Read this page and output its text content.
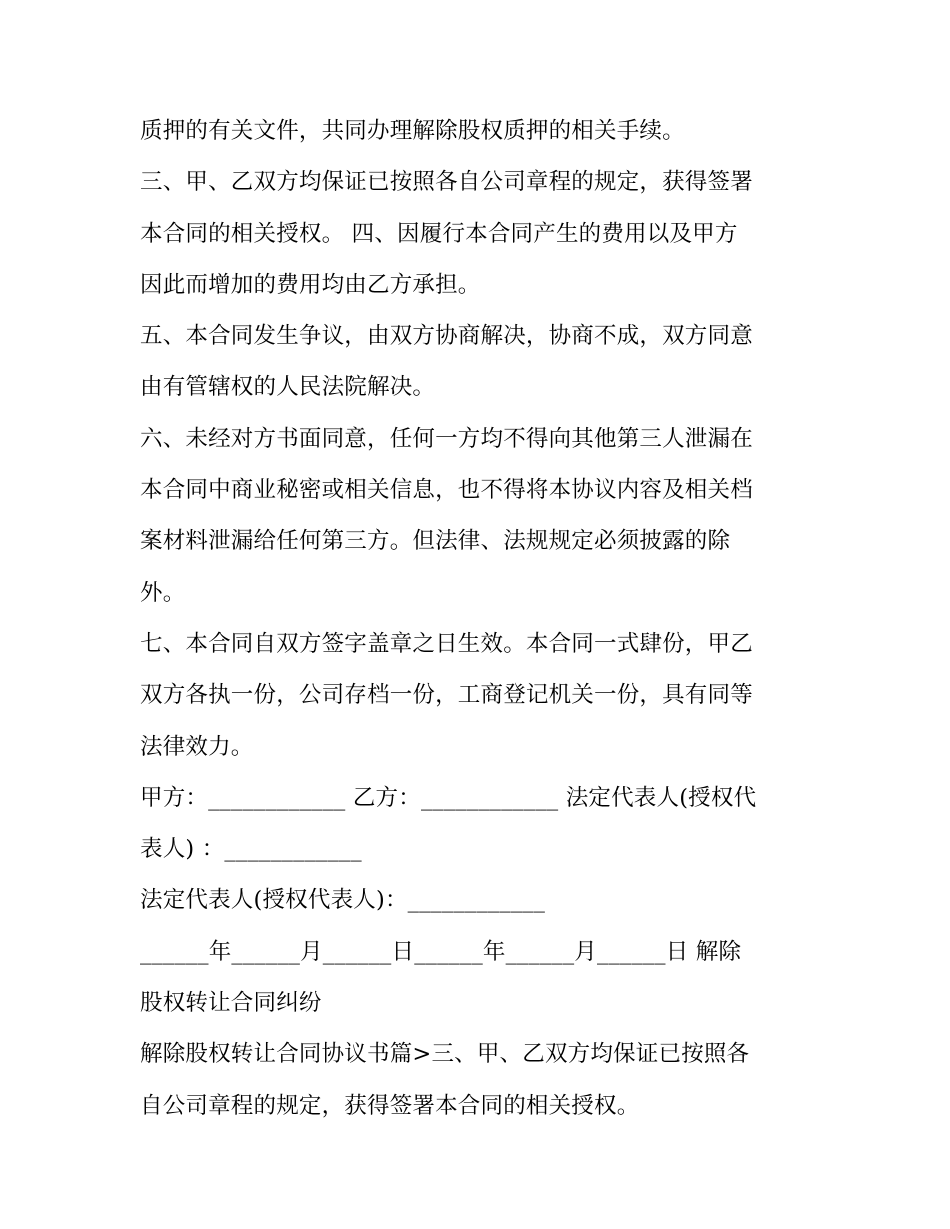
质押的有关文件，共同办理解除股权质押的相关手续。
三、甲、乙双方均保证已按照各自公司章程的规定，获得签署
本合同的相关授权。 四、因履行本合同产生的费用以及甲方
因此而增加的费用均由乙方承担。
五、本合同发生争议，由双方协商解决，协商不成，双方同意
由有管辖权的人民法院解决。
六、未经对方书面同意，任何一方均不得向其他第三人泄漏在
本合同中商业秘密或相关信息，也不得将本协议内容及相关档
案材料泄漏给任何第三方。但法律、法规规定必须披露的除
外。
七、本合同自双方签字盖章之日生效。本合同一式肆份，甲乙
双方各执一份，公司存档一份，工商登记机关一份，具有同等
法律效力。
甲方：____________ 乙方：____________ 法定代表人(授权代
表人) ：____________
法定代表人(授权代表人)：____________
______年______月______日______年______月______日 解除
股权转让合同纠纷
解除股权转让合同协议书篇>三、甲、乙双方均保证已按照各
自公司章程的规定，获得签署本合同的相关授权。
